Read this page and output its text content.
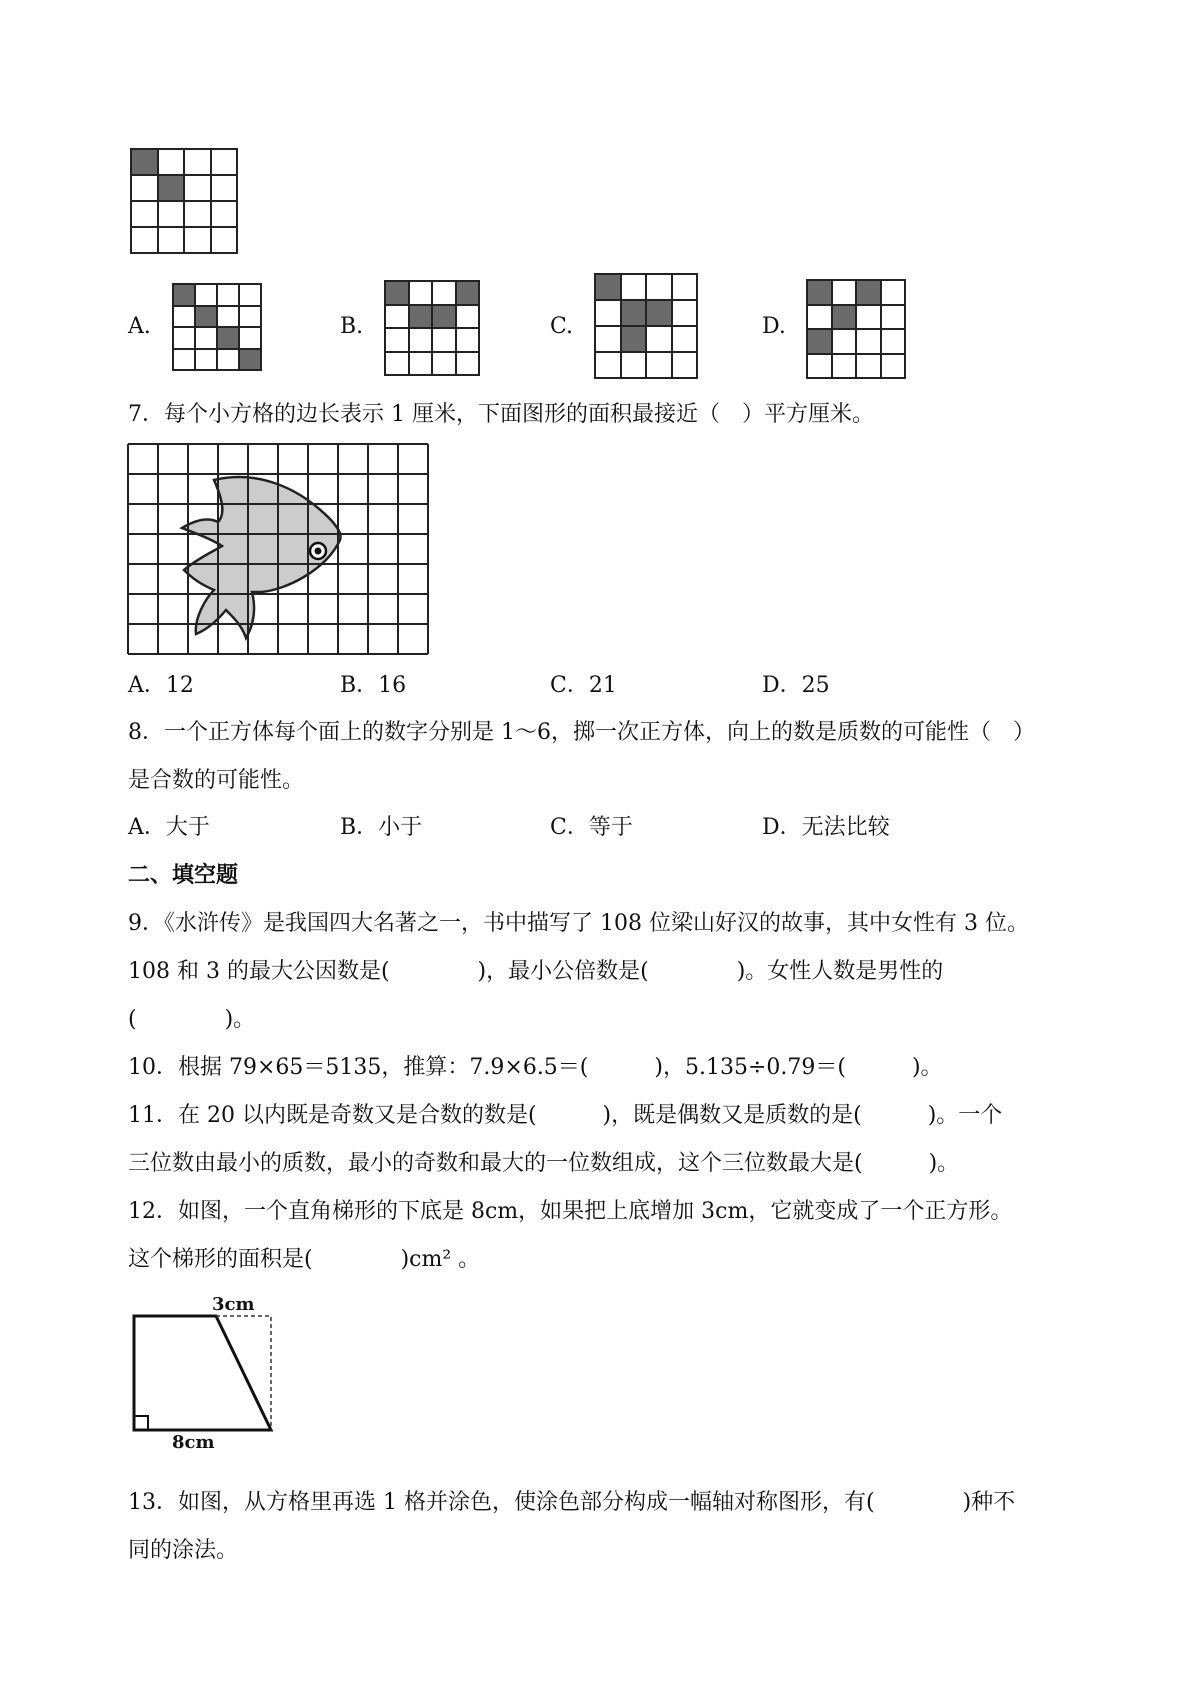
A.

				B.

				C.

				D.

7．每个小方格的边长表示 1 厘米，下面图形的面积最接近（　）平方厘米。
A．12	B．16	C．21	D．25
8．一个正方体每个面上的数字分别是 1～6，掷一次正方体，向上的数是质数的可能性（　）
是合数的可能性。
A．大于	B．小于	C．等于	D．无法比较
二、填空题
9．《水浒传》是我国四大名著之一，书中描写了 108 位梁山好汉的故事，其中女性有 3 位。
108 和 3 的最大公因数是(　　　　)，最小公倍数是(　　　　)。女性人数是男性的
(　　　　)。
10．根据 79×65＝5135，推算：7.9×6.5＝(　　　)，5.135÷0.79＝(　　　)。
11．在 20 以内既是奇数又是合数的数是(　　　)，既是偶数又是质数的是(　　　)。一个
三位数由最小的质数，最小的奇数和最大的一位数组成，这个三位数最大是(　　　)。
12．如图，一个直角梯形的下底是 8cm，如果把上底增加 3cm，它就变成了一个正方形。
这个梯形的面积是(　　　　)cm² 。
3cm
8cm
13．如图，从方格里再选 1 格并涂色，使涂色部分构成一幅轴对称图形，有(　　　　)种不
同的涂法。
